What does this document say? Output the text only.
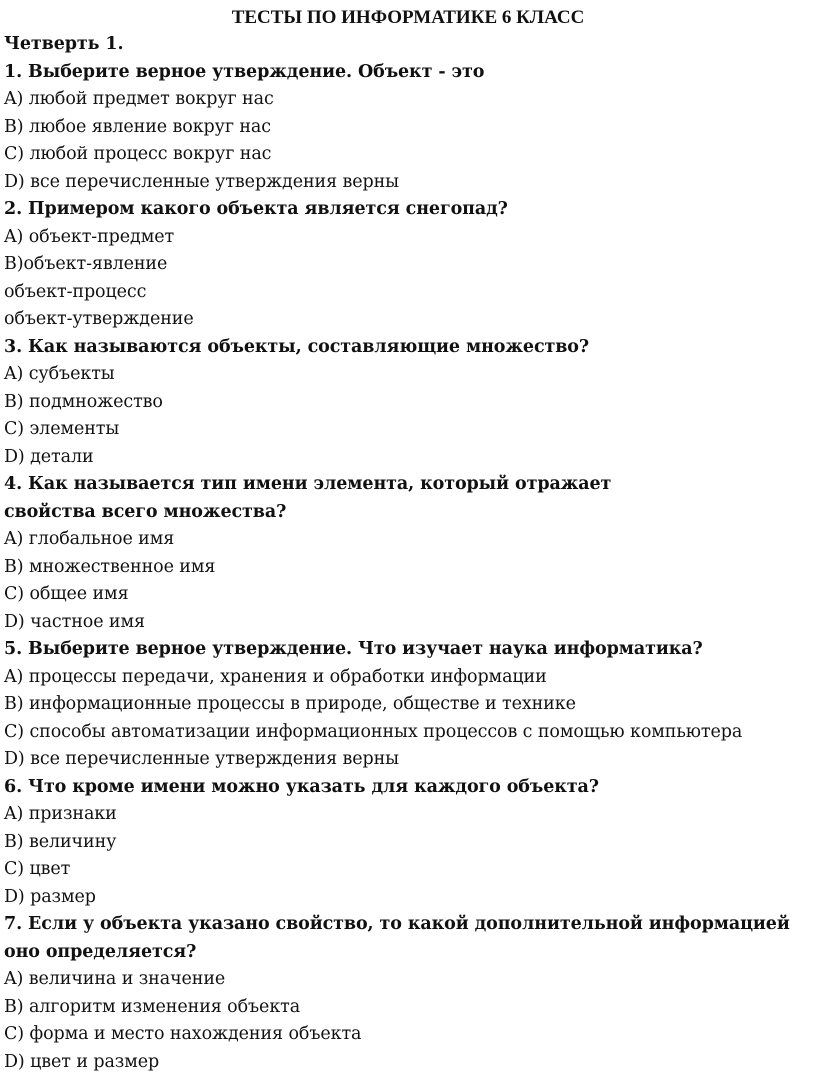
ТЕСТЫ ПО ИНФОРМАТИКЕ 6 КЛАСС
Четверть 1.
1. Выберите верное утверждение. Объект - это
A) любой предмет вокруг нас
B) любое явление вокруг нас
C) любой процесс вокруг нас
D) все перечисленные утверждения верны
2. Примером какого объекта является снегопад?
A) объект-предмет
B)объект-явление
объект-процесс
объект-утверждение
3. Как называются объекты, составляющие множество?
A) субъекты
B) подмножество
C) элементы
D) детали
4. Как называется тип имени элемента, который отражает
свойства всего множества?
A) глобальное имя
B) множественное имя
C) общее имя
D) частное имя
5. Выберите верное утверждение. Что изучает наука информатика?
A) процессы передачи, хранения и обработки информации
B) информационные процессы в природе, обществе и технике
C) способы автоматизации информационных процессов с помощью компьютера
D) все перечисленные утверждения верны
6. Что кроме имени можно указать для каждого объекта?
A) признаки
B) величину
C) цвет
D) размер
7. Если у объекта указано свойство, то какой дополнительной информацией
оно определяется?
A) величина и значение
B) алгоритм изменения объекта
C) форма и место нахождения объекта
D) цвет и размер
